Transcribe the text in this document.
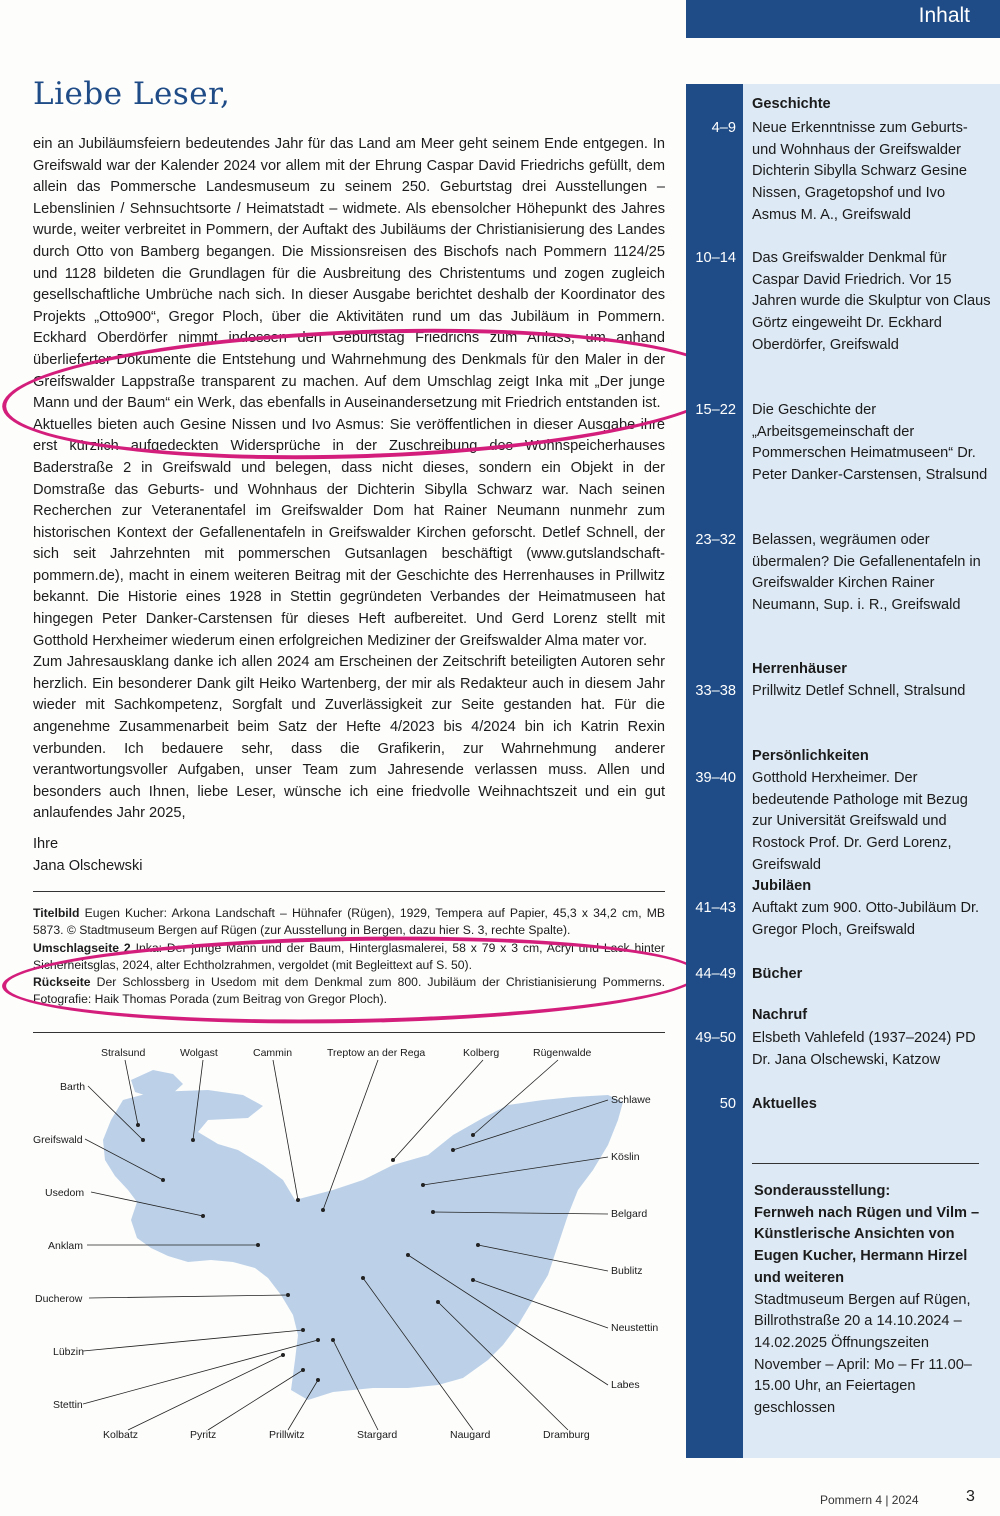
Inhalt
Liebe Leser,

ein an Jubiläumsfeiern bedeutendes Jahr für das Land am Meer geht seinem Ende entgegen. In Greifswald war der Kalender 2024 vor allem mit der Ehrung Caspar David Friedrichs gefüllt, dem allein das Pommersche Landesmuseum zu seinem 250. Geburtstag drei Ausstellungen – Lebenslinien / Sehnsuchtsorte / Heimatstadt – widmete. Als ebensolcher Höhepunkt des Jahres wurde, weiter verbreitet in Pommern, der Auftakt des Jubiläums der Christianisierung des Landes durch Otto von Bamberg begangen. Die Missionsreisen des Bischofs nach Pommern 1124/25 und 1128 bildeten die Grundlagen für die Ausbreitung des Christentums und zogen zugleich gesellschaftliche Umbrüche nach sich. In dieser Ausgabe berichtet deshalb der Koordinator des Projekts „Otto900“, Gregor Ploch, über die Aktivitäten rund um das Jubiläum in Pommern. Eckhard Oberdörfer nimmt indessen den Geburtstag Friedrichs zum Anlass, um anhand überlieferter Dokumente die Entstehung und Wahrnehmung des Denkmals für den Maler in der Greifswalder Lappstraße transparent zu machen. Auf dem Umschlag zeigt Inka mit „Der junge Mann und der Baum“ ein Werk, das ebenfalls in Auseinandersetzung mit Friedrich entstanden ist.

Aktuelles bieten auch Gesine Nissen und Ivo Asmus: Sie veröffentlichen in dieser Ausgabe ihre erst kürzlich aufgedeckten Widersprüche in der Zuschreibung des Wohnspeicherhauses Baderstraße 2 in Greifswald und belegen, dass nicht dieses, sondern ein Objekt in der Domstraße das Geburts- und Wohnhaus der Dichterin Sibylla Schwarz war. Nach seinen Recherchen zur Veteranentafel im Greifswalder Dom hat Rainer Neumann nunmehr zum historischen Kontext der Gefallenentafeln in Greifswalder Kirchen geforscht. Detlef Schnell, der sich seit Jahrzehnten mit pommerschen Gutsanlagen beschäftigt (www.gutslandschaft-pommern.de), macht in einem weiteren Beitrag mit der Geschichte des Herrenhauses in Prillwitz bekannt. Die Historie eines 1928 in Stettin gegründeten Verbandes der Heimatmuseen hat hingegen Peter Danker-Carstensen für dieses Heft aufbereitet. Und Gerd Lorenz stellt mit Gotthold Herxheimer wiederum einen erfolgreichen Mediziner der Greifswalder Alma mater vor.

Zum Jahresausklang danke ich allen 2024 am Erscheinen der Zeitschrift beteiligten Autoren sehr herzlich. Ein besonderer Dank gilt Heiko Wartenberg, der mir als Redakteur auch in diesem Jahr wieder mit Sachkompetenz, Sorgfalt und Zuverlässigkeit zur Seite gestanden hat. Für die angenehme Zusammenarbeit beim Satz der Hefte 4/2023 bis 4/2024 bin ich Katrin Rexin verbunden. Ich bedauere sehr, dass die Grafikerin, zur Wahrnehmung anderer verantwortungsvoller Aufgaben, unser Team zum Jahresende verlassen muss. Allen und besonders auch Ihnen, liebe Leser, wünsche ich eine friedvolle Weihnachtszeit und ein gut anlaufendes Jahr 2025,

Ihre
Jana Olschewski

Titelbild Eugen Kucher: Arkona Landschaft – Hühnafer (Rügen), 1929, Tempera auf Papier, 45,3 x 34,2 cm, MB 5873. © Stadtmuseum Bergen auf Rügen (zur Ausstellung in Bergen, dazu hier S. 3, rechte Spalte).

Umschlagseite 2 Inka: Der junge Mann und der Baum, Hinterglasmalerei, 58 x 79 x 3 cm, Acryl und Lack hinter Sicherheitsglas, 2024, alter Echtholzrahmen, vergoldet (mit Begleittext auf S. 50).

Rückseite Der Schlossberg in Usedom mit dem Denkmal zum 800. Jubiläum der Christianisierung Pommerns. Fotografie: Haik Thomas Porada (zum Beitrag von Gregor Ploch).

Stralsund	Wolgast	Cammin	Treptow an der Rega	Kolberg	Rügenwalde
Barth
Greifswald
Usedom
Anklam
Ducherow
Lübzin
Stettin
Schlawe
Köslin
Belgard
Bublitz
Neustettin
Labes
Kolbatz	Pyritz	Prillwitz	Stargard	Naugard	Dramburg
Geschichte
4–9 Neue Erkenntnisse zum Geburts- und Wohnhaus der Greifswalder Dichterin Sibylla Schwarz Gesine Nissen, Gragetopshof und Ivo Asmus M. A., Greifswald
10–14 Das Greifswalder Denkmal für Caspar David Friedrich. Vor 15 Jahren wurde die Skulptur von Claus Görtz eingeweiht Dr. Eckhard Oberdörfer, Greifswald
15–22 Die Geschichte der „Arbeitsgemeinschaft der Pommerschen Heimatmuseen“ Dr. Peter Danker-Carstensen, Stralsund
23–32 Belassen, wegräumen oder übermalen? Die Gefallenentafeln in Greifswalder Kirchen Rainer Neumann, Sup. i. R., Greifswald
Herrenhäuser
33–38 Prillwitz Detlef Schnell, Stralsund
Persönlichkeiten
39–40 Gotthold Herxheimer. Der bedeutende Pathologe mit Bezug zur Universität Greifswald und Rostock Prof. Dr. Gerd Lorenz, Greifswald
Jubiläen
41–43 Auftakt zum 900. Otto-Jubiläum Dr. Gregor Ploch, Greifswald
44–49 Bücher
Nachruf
49–50 Elsbeth Vahlefeld (1937–2024) PD Dr. Jana Olschewski, Katzow
50 Aktuelles
Sonderausstellung:
Fernweh nach Rügen und Vilm – Künstlerische Ansichten von Eugen Kucher, Hermann Hirzel und weiteren
Stadtmuseum Bergen auf Rügen, Billrothstraße 20 a 14.10.2024 – 14.02.2025 Öffnungszeiten November – April: Mo – Fr 11.00–15.00 Uhr, an Feiertagen geschlossen
Pommern 4 | 2024	3
